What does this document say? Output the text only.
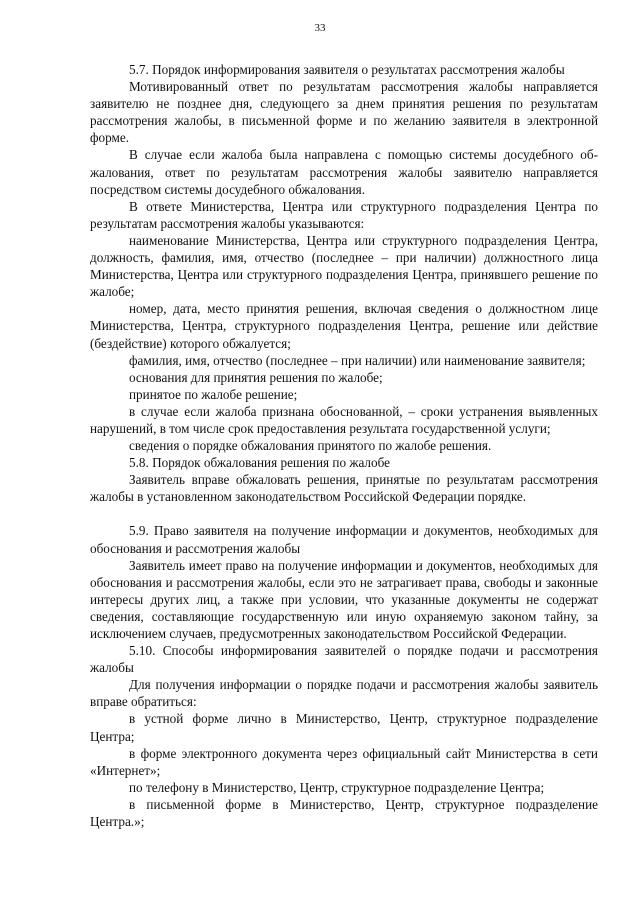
33

5.7. Порядок информирования заявителя о результатах рассмотрения жалобы

Мотивированный ответ по результатам рассмотрения жалобы направляется заявителю не позднее дня, следующего за днем принятия решения по результатам рассмотрения жалобы, в письменной форме и по желанию заявителя в электронной форме.

В случае если жалоба была направлена с помощью системы досудебного обжалования, ответ по результатам рассмотрения жалобы заявителю направляется посредством системы досудебного обжалования.

В ответе Министерства, Центра или структурного подразделения Центра по результатам рассмотрения жалобы указываются:

наименование Министерства, Центра или структурного подразделения Центра, должность, фамилия, имя, отчество (последнее – при наличии) должностного лица Министерства, Центра или структурного подразделения Центра, принявшего решение по жалобе;

номер, дата, место принятия решения, включая сведения о должностном лице Министерства, Центра, структурного подразделения Центра, решение или действие (бездействие) которого обжалуется;

фамилия, имя, отчество (последнее – при наличии) или наименование заявителя;

основания для принятия решения по жалобе;

принятое по жалобе решение;

в случае если жалоба признана обоснованной, – сроки устранения выявленных нарушений, в том числе срок предоставления результата государственной услуги;

сведения о порядке обжалования принятого по жалобе решения.

5.8. Порядок обжалования решения по жалобе

Заявитель вправе обжаловать решения, принятые по результатам рассмотрения жалобы в установленном законодательством Российской Федерации порядке.

5.9. Право заявителя на получение информации и документов, необходимых для обоснования и рассмотрения жалобы

Заявитель имеет право на получение информации и документов, необходимых для обоснования и рассмотрения жалобы, если это не затрагивает права, свободы и законные интересы других лиц, а также при условии, что указанные документы не содержат сведения, составляющие государственную или иную охраняемую законом тайну, за исключением случаев, предусмотренных законодательством Российской Федерации.

5.10. Способы информирования заявителей о порядке подачи и рассмотрения жалобы

Для получения информации о порядке подачи и рассмотрения жалобы заявитель вправе обратиться:

в устной форме лично в Министерство, Центр, структурное подразделение Центра;

в форме электронного документа через официальный сайт Министерства в сети «Интернет»;

по телефону в Министерство, Центр, структурное подразделение Центра;

в письменной форме в Министерство, Центр, структурное подразделение Центра.»;
